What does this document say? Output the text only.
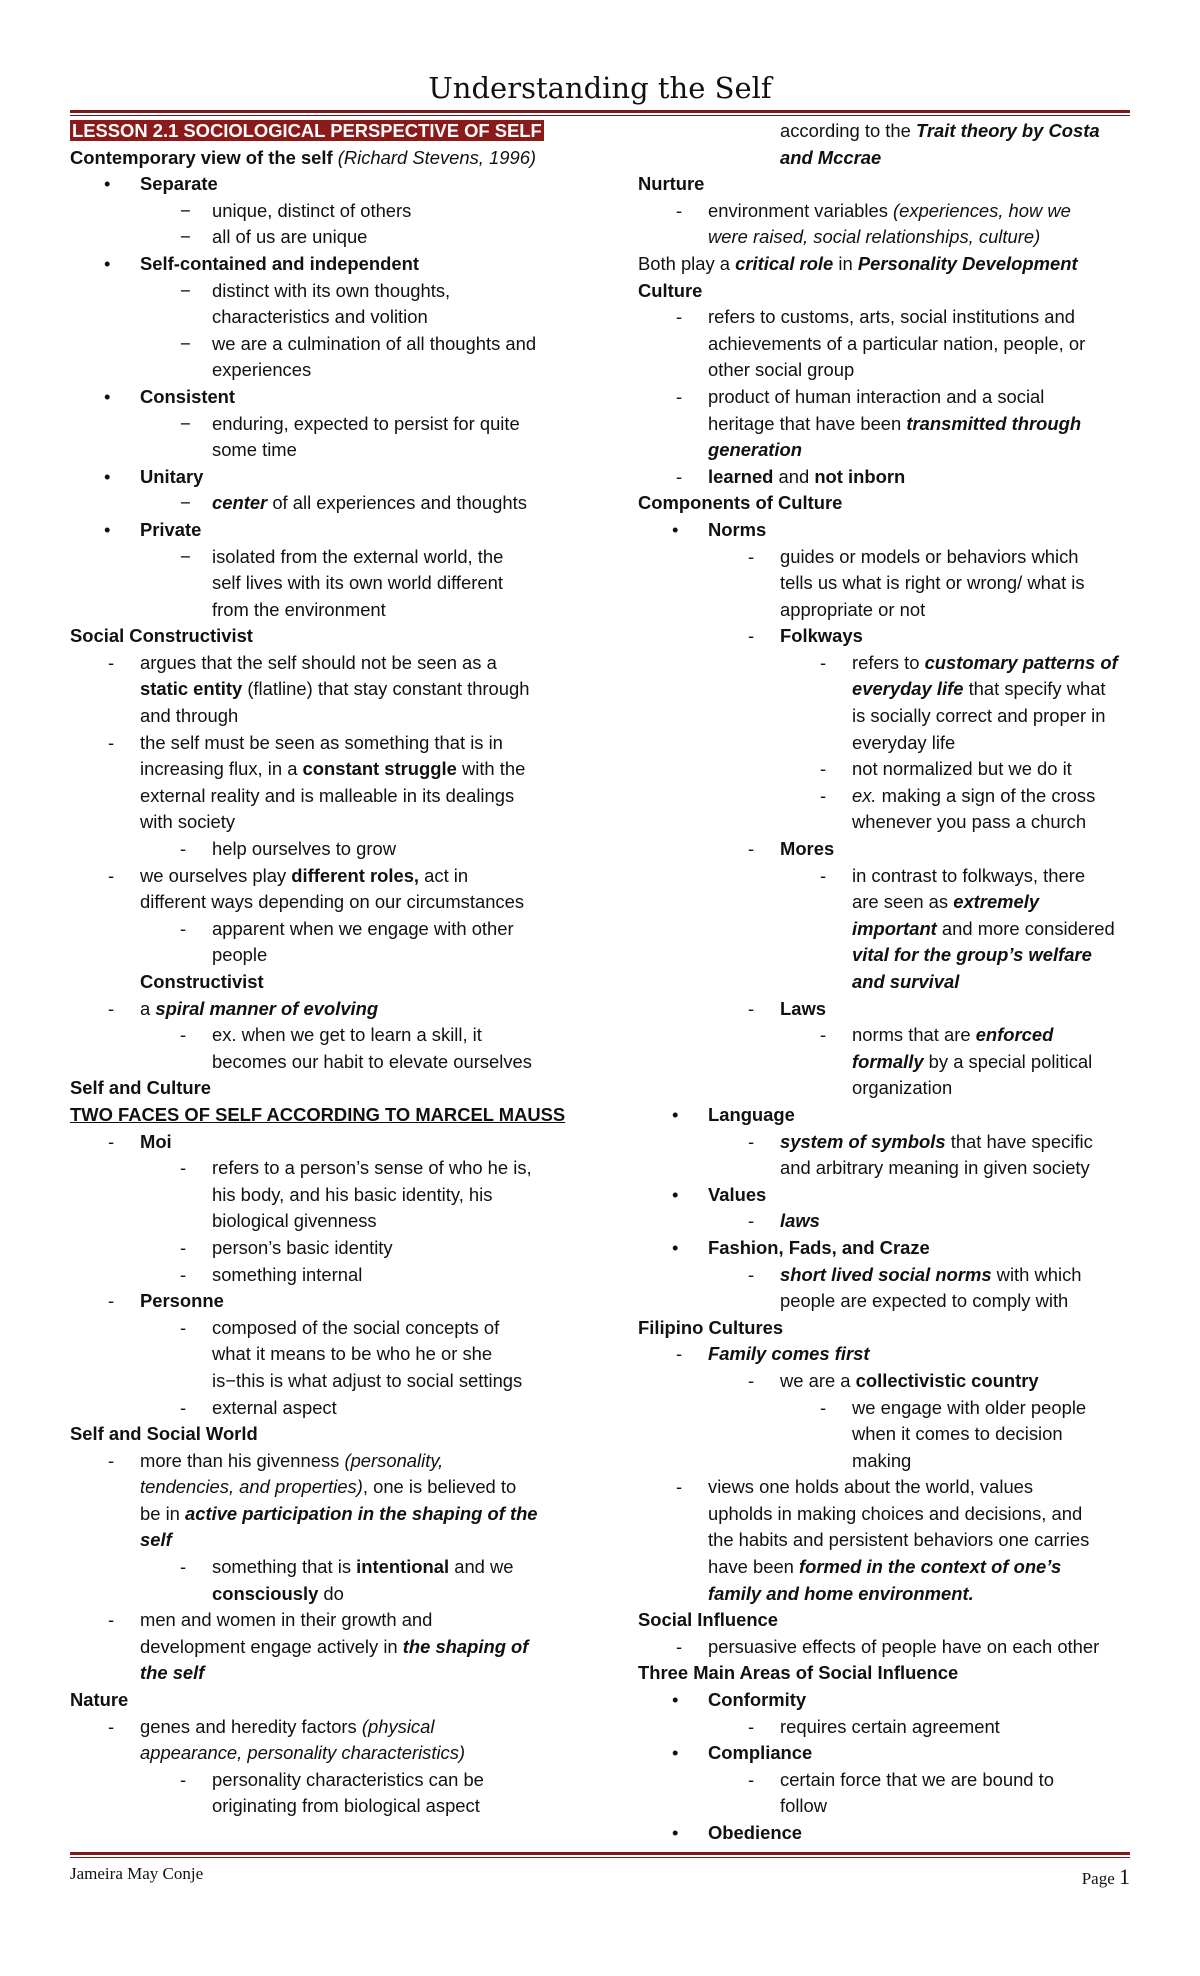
Understanding the Self
LESSON 2.1 SOCIOLOGICAL PERSPECTIVE OF SELF
Contemporary view of the self (Richard Stevens, 1996)
• Separate
− unique, distinct of others
− all of us are unique
• Self-contained and independent
− distinct with its own thoughts,
characteristics and volition
− we are a culmination of all thoughts and
experiences
• Consistent
− enduring, expected to persist for quite
some time
• Unitary
− center of all experiences and thoughts
• Private
− isolated from the external world, the
self lives with its own world different
from the environment
Social Constructivist
- argues that the self should not be seen as a
static entity (flatline) that stay constant through
and through
- the self must be seen as something that is in
increasing flux, in a constant struggle with the
external reality and is malleable in its dealings
with society
- help ourselves to grow
- we ourselves play different roles, act in
different ways depending on our circumstances
- apparent when we engage with other
people
Constructivist
- a spiral manner of evolving
- ex. when we get to learn a skill, it
becomes our habit to elevate ourselves
Self and Culture
TWO FACES OF SELF ACCORDING TO MARCEL MAUSS
- Moi
- refers to a person’s sense of who he is,
his body, and his basic identity, his
biological givenness
- person’s basic identity
- something internal
- Personne
- composed of the social concepts of
what it means to be who he or she
is−this is what adjust to social settings
- external aspect
Self and Social World
- more than his givenness (personality,
tendencies, and properties), one is believed to
be in active participation in the shaping of the
self
- something that is intentional and we
consciously do
- men and women in their growth and
development engage actively in the shaping of
the self
Nature
- genes and heredity factors (physical
appearance, personality characteristics)
- personality characteristics can be
originating from biological aspect
according to the Trait theory by Costa
and Mccrae
Nurture
- environment variables (experiences, how we
were raised, social relationships, culture)
Both play a critical role in Personality Development
Culture
- refers to customs, arts, social institutions and
achievements of a particular nation, people, or
other social group
- product of human interaction and a social
heritage that have been transmitted through
generation
- learned and not inborn
Components of Culture
• Norms
- guides or models or behaviors which
tells us what is right or wrong/ what is
appropriate or not
- Folkways
- refers to customary patterns of
everyday life that specify what
is socially correct and proper in
everyday life
- not normalized but we do it
- ex. making a sign of the cross
whenever you pass a church
- Mores
- in contrast to folkways, there
are seen as extremely
important and more considered
vital for the group’s welfare
and survival
- Laws
- norms that are enforced
formally by a special political
organization
• Language
- system of symbols that have specific
and arbitrary meaning in given society
• Values
- laws
• Fashion, Fads, and Craze
- short lived social norms with which
people are expected to comply with
Filipino Cultures
- Family comes first
- we are a collectivistic country
- we engage with older people
when it comes to decision
making
- views one holds about the world, values
upholds in making choices and decisions, and
the habits and persistent behaviors one carries
have been formed in the context of one’s
family and home environment.
Social Influence
- persuasive effects of people have on each other
Three Main Areas of Social Influence
• Conformity
- requires certain agreement
• Compliance
- certain force that we are bound to
follow
• Obedience
Jameira May Conje	Page 1
